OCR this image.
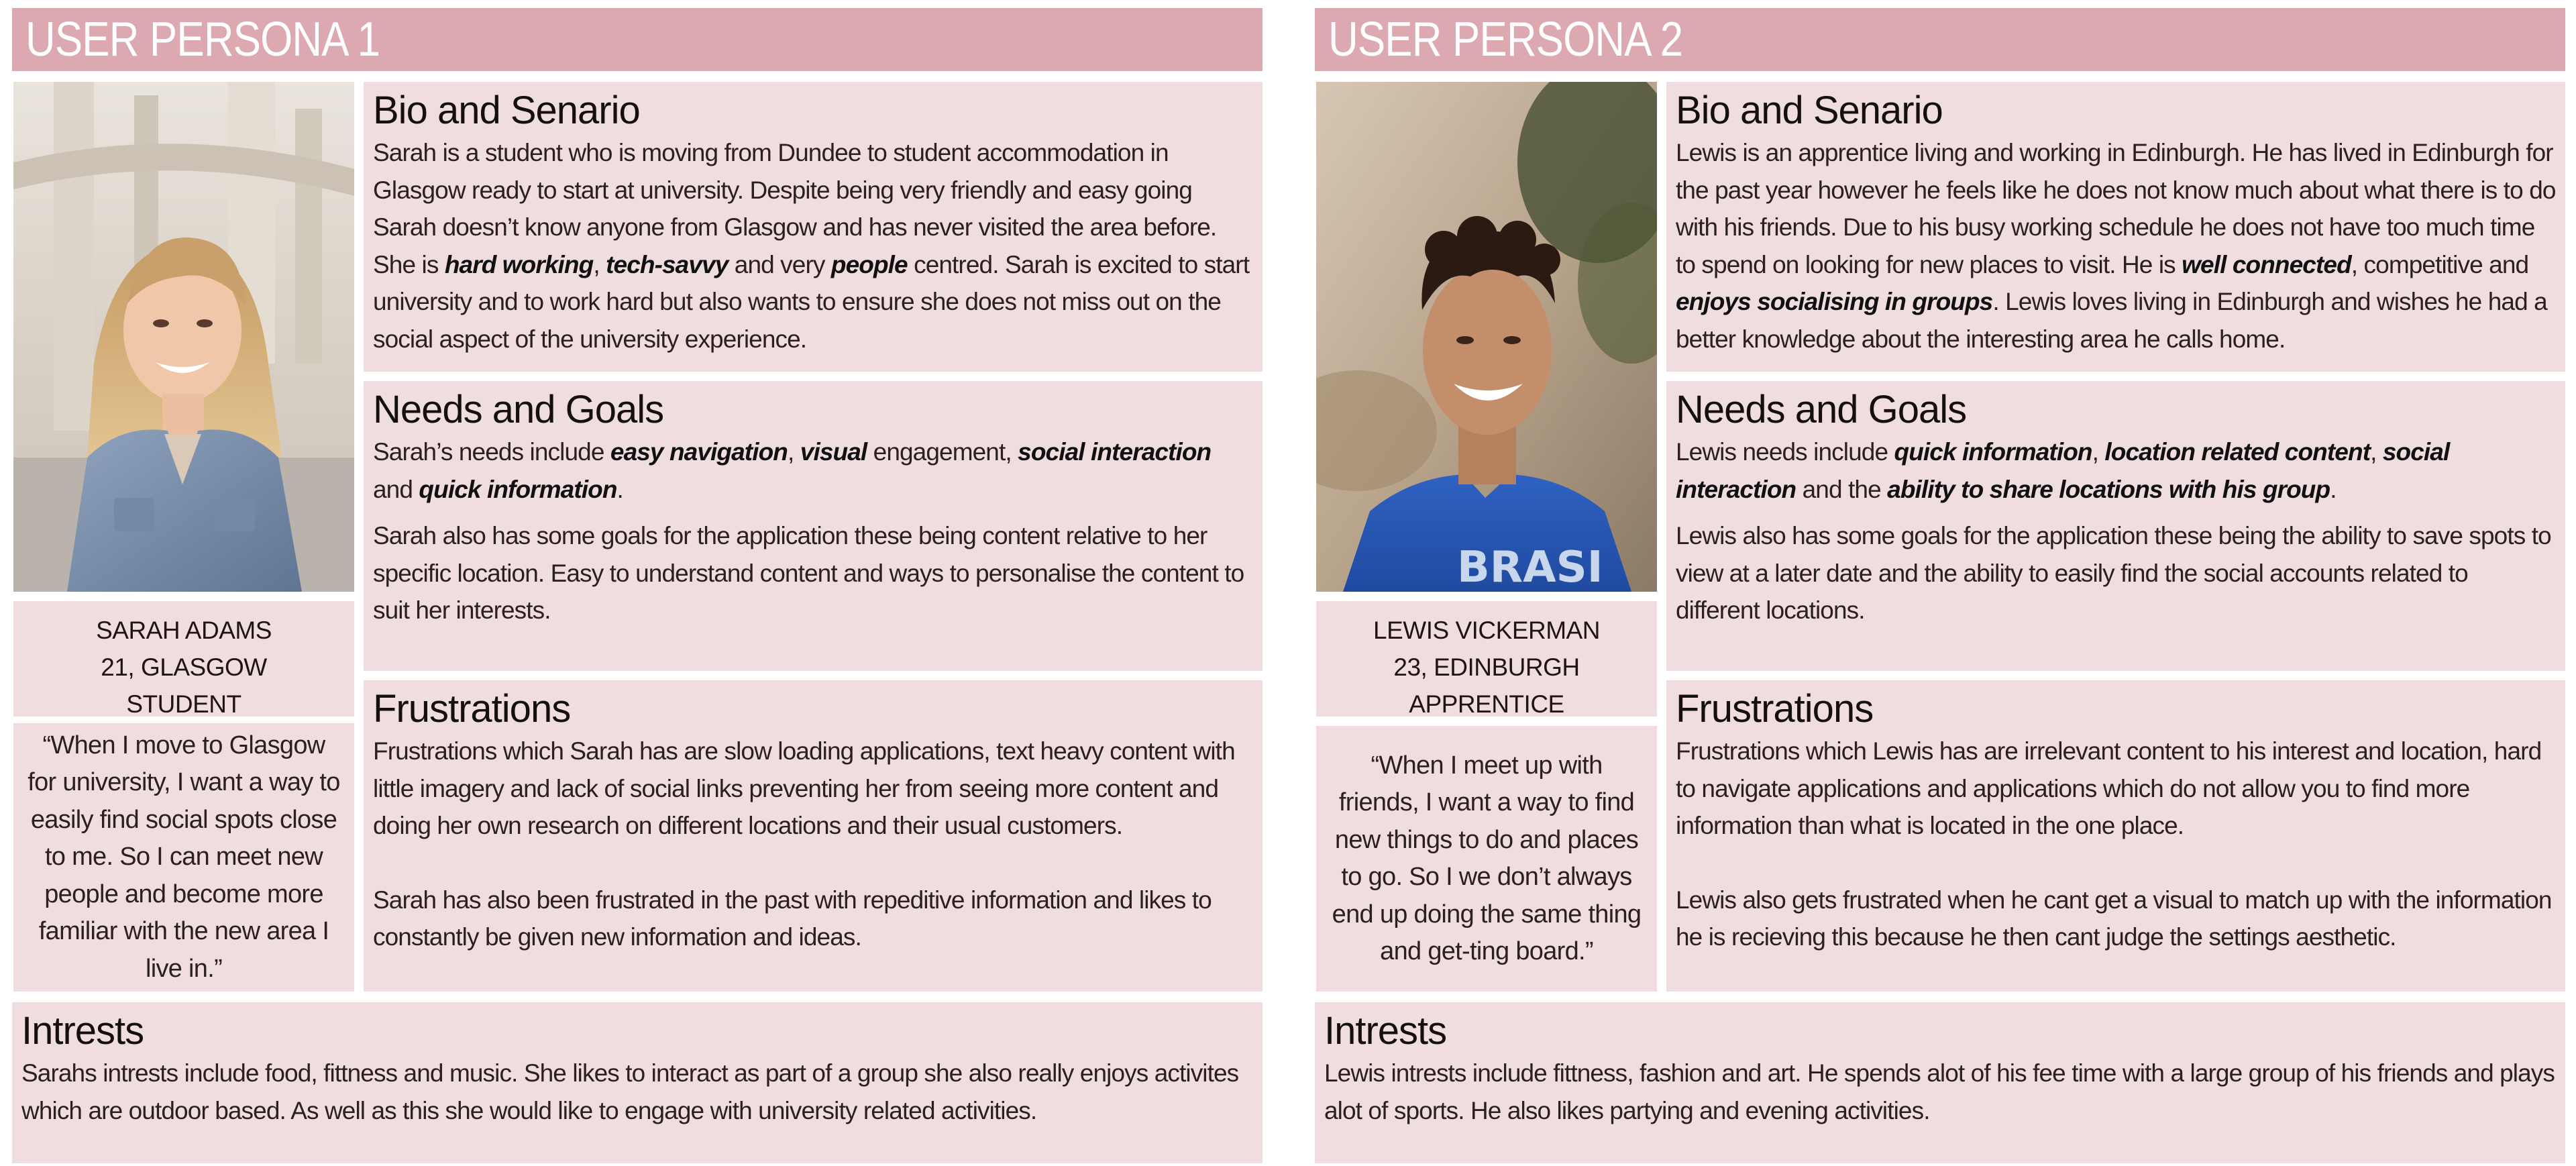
USER PERSONA 1
SARAH ADAMS
21, GLASGOW
STUDENT

“When I move to Glasgow for university, I want a way to easily find social spots close to me. So I can meet new people and become more familiar with the new area I live in.”

Bio and Senario

Sarah is a student who is moving from Dundee to student accommodation in Glasgow ready to start at university. Despite being very friendly and easy going Sarah doesn’t know anyone from Glasgow and has never visited the area before. She is hard working, tech-savvy and very people centred. Sarah is excited to start university and to work hard but also wants to ensure she does not miss out on the social aspect of the university experience.

Needs and Goals

Sarah’s needs include easy navigation, visual engagement, social interaction and quick information.

Sarah also has some goals for the application these being content relative to her specific location. Easy to understand content and ways to personalise the content to suit her interests.

Frustrations

Frustrations which Sarah has are slow loading applications, text heavy content with little imagery and lack of social links preventing her from seeing more content and doing her own research on different locations and their usual customers.

Sarah has also been frustrated in the past with repeditive information and likes to constantly be given new information and ideas.

Intrests

Sarahs intrests include food, fittness and music. She likes to interact as part of a group she also really enjoys activites which are outdoor based. As well as this she would like to engage with university related activities.

USER PERSONA 2
BRASI
LEWIS VICKERMAN
23, EDINBURGH
APPRENTICE

“When I meet up with friends, I want a way to find new things to do and places to go. So I we don’t always end up doing the same thing and get-ting board.”

Bio and Senario

Lewis is an apprentice living and working in Edinburgh. He has lived in Edinburgh for the past year however he feels like he does not know much about what there is to do with his friends. Due to his busy working schedule he does not have too much time to spend on looking for new places to visit. He is well connected, competitive and enjoys socialising in groups. Lewis loves living in Edinburgh and wishes he had a better knowledge about the interesting area he calls home.

Needs and Goals

Lewis needs include quick information, location related content, social interaction and the ability to share locations with his group.

Lewis also has some goals for the application these being the ability to save spots to view at a later date and the ability to easily find the social accounts related to different locations.

Frustrations

Frustrations which Lewis has are irrelevant content to his interest and location, hard to navigate applications and applications which do not allow you to find more information than what is located in the one place.

Lewis also gets frustrated when he cant get a visual to match up with the information he is recieving this because he then cant judge the settings aesthetic.

Intrests

Lewis intrests include fittness, fashion and art. He spends alot of his fee time with a large group of his friends and plays alot of sports. He also likes partying and evening activities.
